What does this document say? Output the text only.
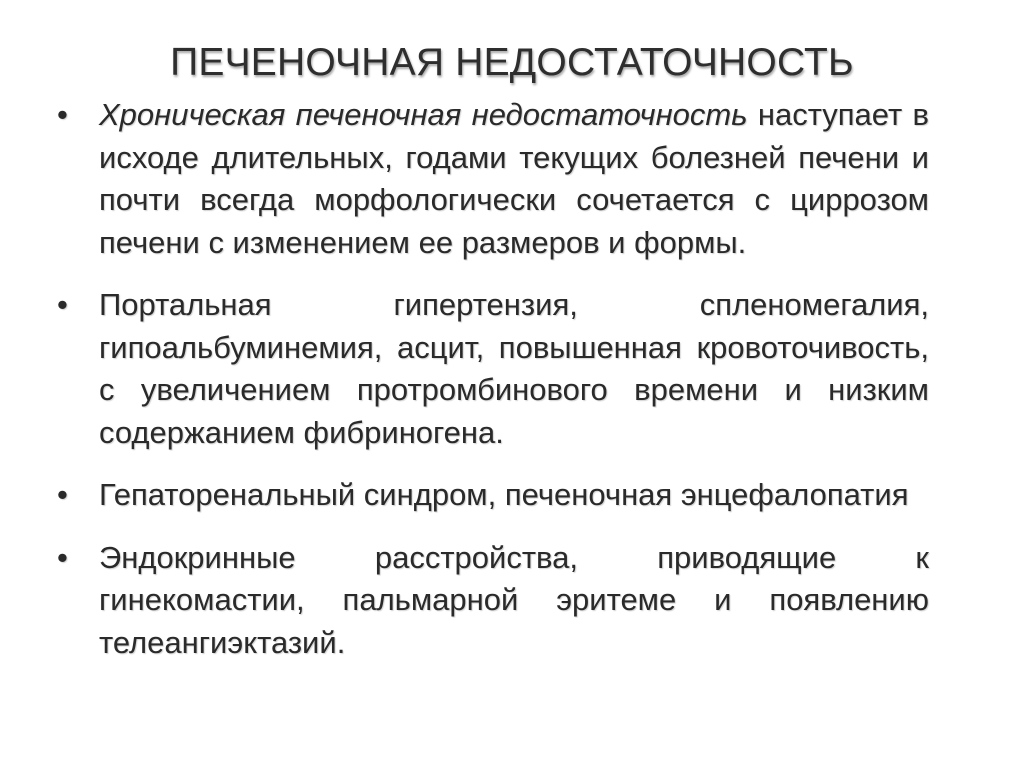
ПЕЧЕНОЧНАЯ НЕДОСТАТОЧНОСТЬ
• Хроническая печеночная недостаточность наступает в исходе длительных, годами текущих болезней печени и почти всегда морфологически сочетается с циррозом печени с изменением ее размеров и формы.
• Портальная гипертензия, спленомегалия, гипоальбуминемия, асцит, повышенная кровоточивость, с увеличением протромбинового времени и низким содержанием фибриногена.
• Гепаторенальный синдром, печеночная энцефалопатия
• Эндокринные расстройства, приводящие к гинекомастии, пальмарной эритеме и появлению телеангиэктазий.
